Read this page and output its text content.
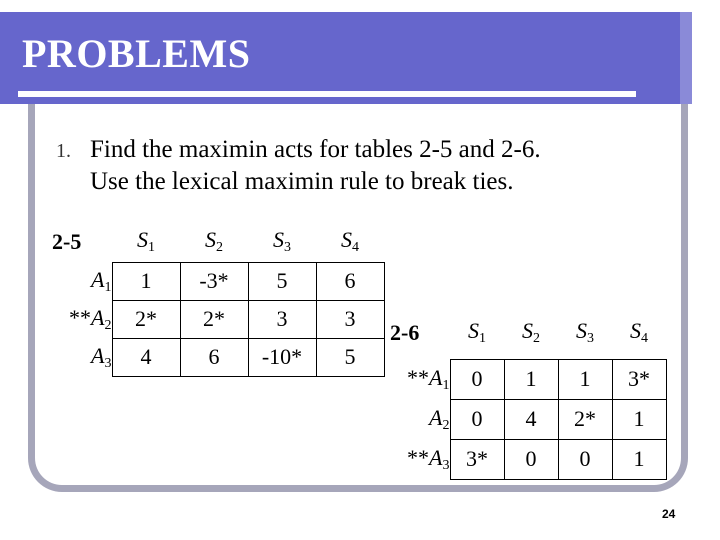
PROBLEMS
1. Find the maximin acts for tables 2-5 and 2-6.
Use the lexical maximin rule to break ties.
2-5	$S_1$	$S_2$	$S_3$	$S_4$
$A_1$	1	-3*	5	6
$**A_2$	2*	2*	3	3
$A_3$	4	6	-10*	5
2-6	$S_1$	$S_2$	$S_3$	$S_4$
$**A_1$	0	1	1	3*
$A_2$	0	4	2*	1
$**A_3$	3*	0	0	1
24
